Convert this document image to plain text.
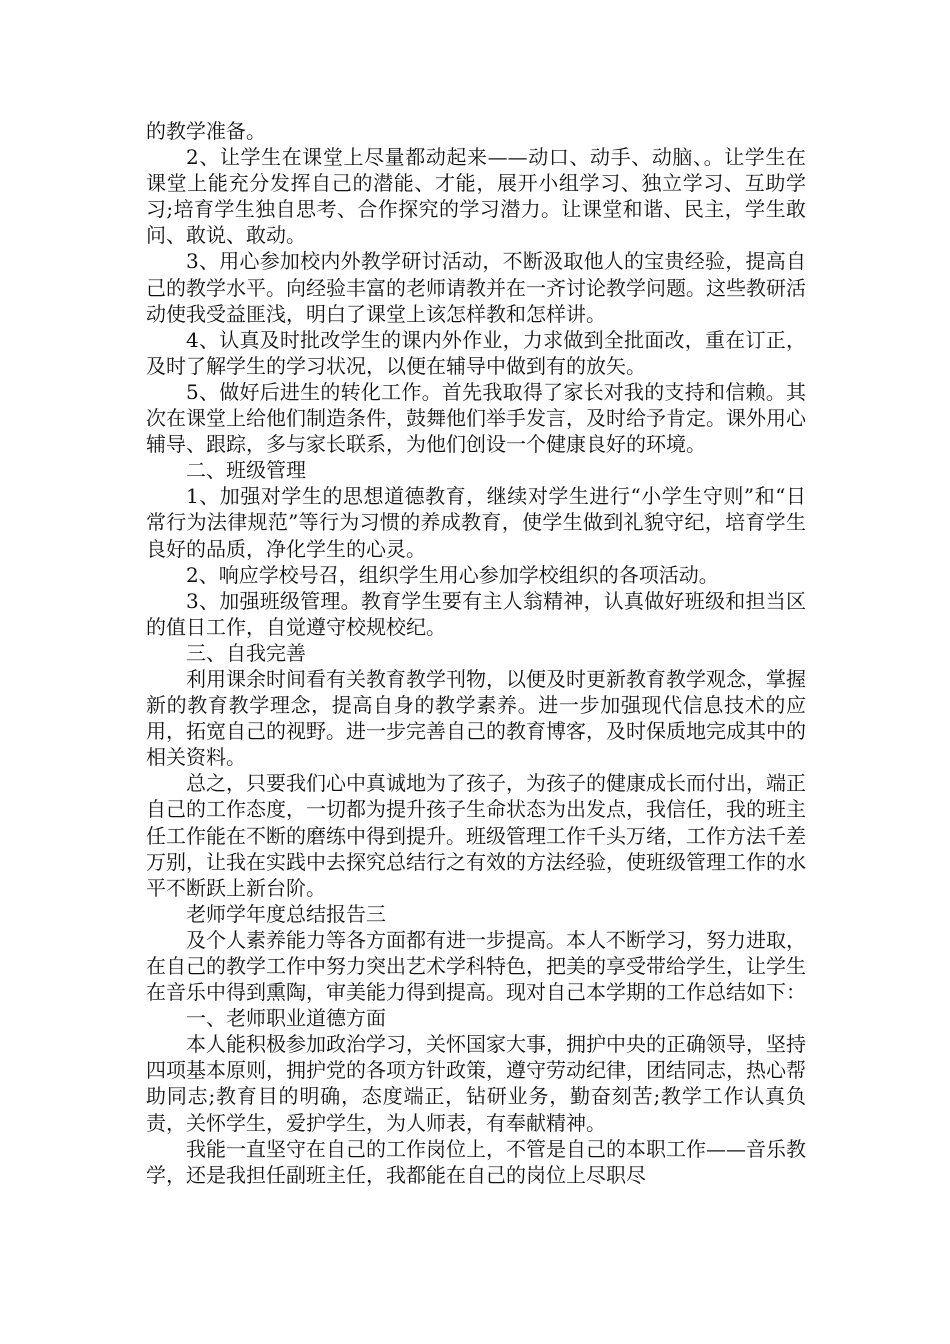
的教学准备。

2、让学生在课堂上尽量都动起来——动口、动手、动脑、。让学生在课堂上能充分发挥自己的潜能、才能，展开小组学习、独立学习、互助学习;培育学生独自思考、合作探究的学习潜力。让课堂和谐、民主，学生敢问、敢说、敢动。

3、用心参加校内外教学研讨活动，不断汲取他人的宝贵经验，提高自己的教学水平。向经验丰富的老师请教并在一齐讨论教学问题。这些教研活动使我受益匪浅，明白了课堂上该怎样教和怎样讲。

4、认真及时批改学生的课内外作业，力求做到全批面改，重在订正，及时了解学生的学习状况，以便在辅导中做到有的放矢。

5、做好后进生的转化工作。首先我取得了家长对我的支持和信赖。其次在课堂上给他们制造条件，鼓舞他们举手发言，及时给予肯定。课外用心辅导、跟踪，多与家长联系，为他们创设一个健康良好的环境。

二、班级管理

1、加强对学生的思想道德教育，继续对学生进行“小学生守则”和“日常行为法律规范”等行为习惯的养成教育，使学生做到礼貌守纪，培育学生良好的品质，净化学生的心灵。

2、响应学校号召，组织学生用心参加学校组织的各项活动。

3、加强班级管理。教育学生要有主人翁精神，认真做好班级和担当区的值日工作，自觉遵守校规校纪。

三、自我完善

利用课余时间看有关教育教学刊物，以便及时更新教育教学观念，掌握新的教育教学理念，提高自身的教学素养。进一步加强现代信息技术的应用，拓宽自己的视野。进一步完善自己的教育博客，及时保质地完成其中的相关资料。

总之，只要我们心中真诚地为了孩子，为孩子的健康成长而付出，端正自己的工作态度，一切都为提升孩子生命状态为出发点，我信任，我的班主任工作能在不断的磨练中得到提升。班级管理工作千头万绪，工作方法千差万别，让我在实践中去探究总结行之有效的方法经验，使班级管理工作的水平不断跃上新台阶。

老师学年度总结报告三

及个人素养能力等各方面都有进一步提高。本人不断学习，努力进取，在自己的教学工作中努力突出艺术学科特色，把美的享受带给学生，让学生在音乐中得到熏陶，审美能力得到提高。现对自己本学期的工作总结如下：

一、老师职业道德方面

本人能积极参加政治学习，关怀国家大事，拥护中央的正确领导，坚持四项基本原则，拥护党的各项方针政策，遵守劳动纪律，团结同志，热心帮助同志;教育目的明确，态度端正，钻研业务，勤奋刻苦;教学工作认真负责，关怀学生，爱护学生，为人师表，有奉献精神。

我能一直坚守在自己的工作岗位上，不管是自己的本职工作——音乐教学，还是我担任副班主任，我都能在自己的岗位上尽职尽
